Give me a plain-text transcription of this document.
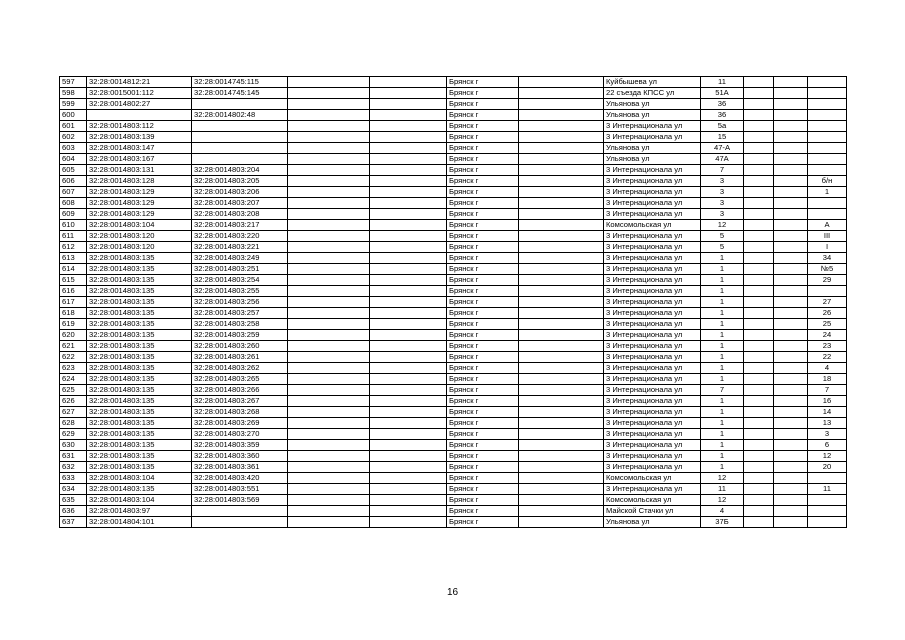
597	32:28:0014812:21	32:28:0014745:115			Брянск г		Куйбышева ул	11			
598	32:28:0015001:112	32:28:0014745:145			Брянск г		22 съезда КПСС ул	51А			
599	32:28:0014802:27				Брянск г		Ульянова ул	36			
600		32:28:0014802:48			Брянск г		Ульянова ул	36			
601	32:28:0014803:112				Брянск г		3 Интернационала ул	5а			
602	32:28:0014803:139				Брянск г		3 Интернационала ул	15			
603	32:28:0014803:147				Брянск г		Ульянова ул	47-А			
604	32:28:0014803:167				Брянск г		Ульянова ул	47А			
605	32:28:0014803:131	32:28:0014803:204			Брянск г		3 Интернационала ул	7			
606	32:28:0014803:128	32:28:0014803:205			Брянск г		3 Интернационала ул	3			б/н
607	32:28:0014803:129	32:28:0014803:206			Брянск г		3 Интернационала ул	3			1
608	32:28:0014803:129	32:28:0014803:207			Брянск г		3 Интернационала ул	3			
609	32:28:0014803:129	32:28:0014803:208			Брянск г		3 Интернационала ул	3			
610	32:28:0014803:104	32:28:0014803:217			Брянск г		Комсомольская ул	12			А
611	32:28:0014803:120	32:28:0014803:220			Брянск г		3 Интернационала ул	5			III
612	32:28:0014803:120	32:28:0014803:221			Брянск г		3 Интернационала ул	5			I
613	32:28:0014803:135	32:28:0014803:249			Брянск г		3 Интернационала ул	1			34
614	32:28:0014803:135	32:28:0014803:251			Брянск г		3 Интернационала ул	1			№5
615	32:28:0014803:135	32:28:0014803:254			Брянск г		3 Интернационала ул	1			29
616	32:28:0014803:135	32:28:0014803:255			Брянск г		3 Интернационала ул	1			
617	32:28:0014803:135	32:28:0014803:256			Брянск г		3 Интернационала ул	1			27
618	32:28:0014803:135	32:28:0014803:257			Брянск г		3 Интернационала ул	1			26
619	32:28:0014803:135	32:28:0014803:258			Брянск г		3 Интернационала ул	1			25
620	32:28:0014803:135	32:28:0014803:259			Брянск г		3 Интернационала ул	1			24
621	32:28:0014803:135	32:28:0014803:260			Брянск г		3 Интернационала ул	1			23
622	32:28:0014803:135	32:28:0014803:261			Брянск г		3 Интернационала ул	1			22
623	32:28:0014803:135	32:28:0014803:262			Брянск г		3 Интернационала ул	1			4
624	32:28:0014803:135	32:28:0014803:265			Брянск г		3 Интернационала ул	1			18
625	32:28:0014803:135	32:28:0014803:266			Брянск г		3 Интернационала ул	7			7
626	32:28:0014803:135	32:28:0014803:267			Брянск г		3 Интернационала ул	1			16
627	32:28:0014803:135	32:28:0014803:268			Брянск г		3 Интернационала ул	1			14
628	32:28:0014803:135	32:28:0014803:269			Брянск г		3 Интернационала ул	1			13
629	32:28:0014803:135	32:28:0014803:270			Брянск г		3 Интернационала ул	1			3
630	32:28:0014803:135	32:28:0014803:359			Брянск г		3 Интернационала ул	1			6
631	32:28:0014803:135	32:28:0014803:360			Брянск г		3 Интернационала ул	1			12
632	32:28:0014803:135	32:28:0014803:361			Брянск г		3 Интернационала ул	1			20
633	32:28:0014803:104	32:28:0014803:420			Брянск г		Комсомольская ул	12			
634	32:28:0014803:135	32:28:0014803:551			Брянск г		3 Интернационала ул	11			11
635	32:28:0014803:104	32:28:0014803:569			Брянск г		Комсомольская ул	12			
636	32:28:0014803:97				Брянск г		Майской Стачки ул	4			
637	32:28:0014804:101				Брянск г		Ульянова ул	37Б			
16
